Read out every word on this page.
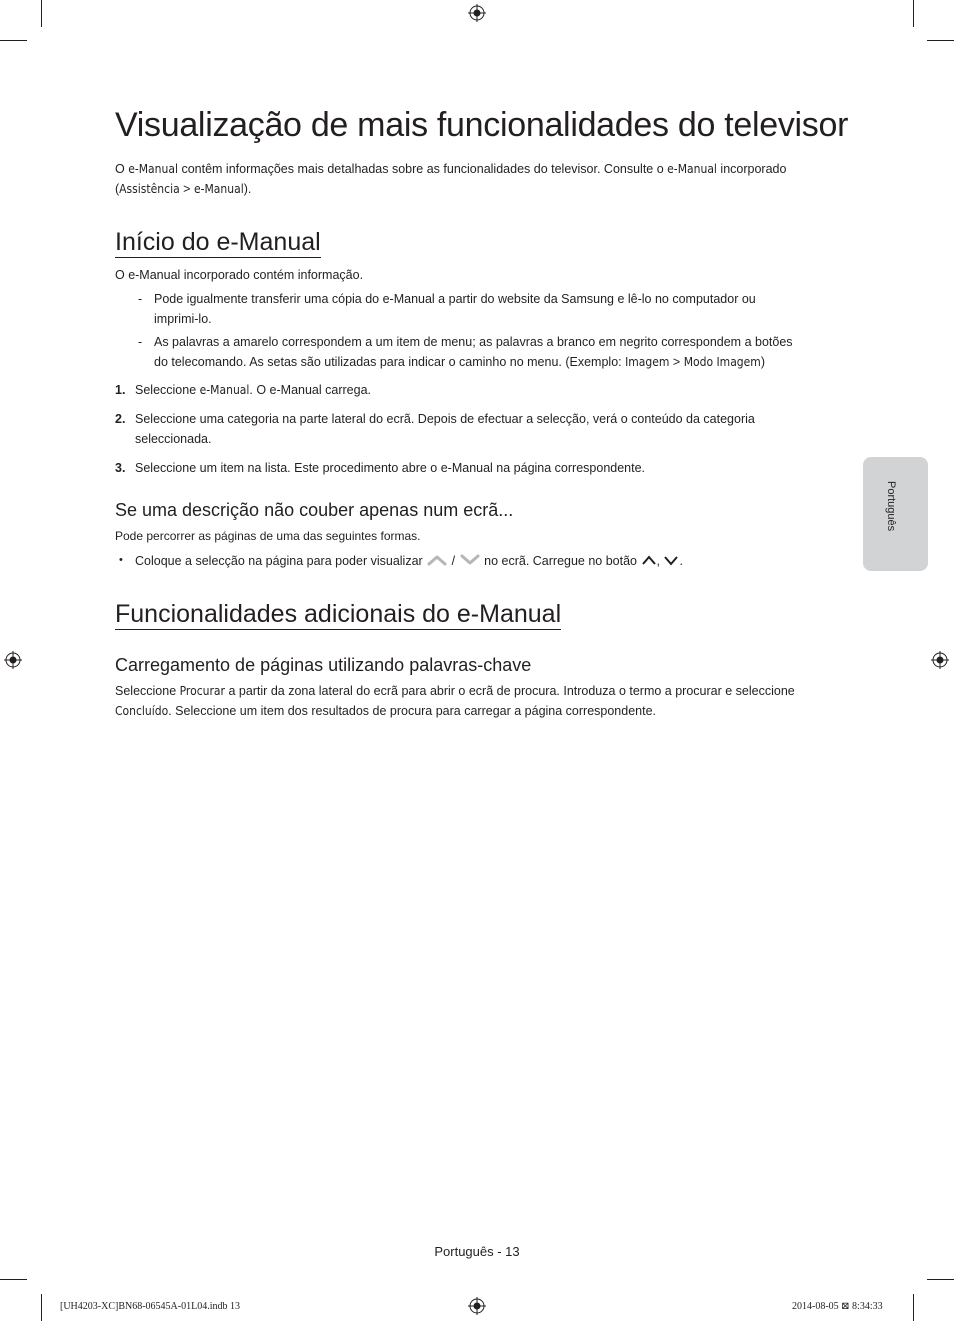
Visualização de mais funcionalidades do televisor
O e-Manual contêm informações mais detalhadas sobre as funcionalidades do televisor. Consulte o e-Manual incorporado
(Assistência > e-Manual).
Início do e-Manual
O e-Manual incorporado contém informação.
- Pode igualmente transferir uma cópia do e-Manual a partir do website da Samsung e lê-lo no computador ou
imprimi-lo.
- As palavras a amarelo correspondem a um item de menu; as palavras a branco em negrito correspondem a botões
do telecomando. As setas são utilizadas para indicar o caminho no menu. (Exemplo: Imagem > Modo Imagem)
1. Seleccione e-Manual. O e-Manual carrega.
2. Seleccione uma categoria na parte lateral do ecrã. Depois de efectuar a selecção, verá o conteúdo da categoria
seleccionada.
3. Seleccione um item na lista. Este procedimento abre o e-Manual na página correspondente.
Se uma descrição não couber apenas num ecrã...
Pode percorrer as páginas de uma das seguintes formas.
• Coloque a selecção na página para poder visualizar / no ecrã. Carregue no botão , .
Funcionalidades adicionais do e-Manual
Carregamento de páginas utilizando palavras-chave
Seleccione Procurar a partir da zona lateral do ecrã para abrir o ecrã de procura. Introduza o termo a procurar e seleccione
Concluído. Seleccione um item dos resultados de procura para carregar a página correspondente.
Português
Português - 13
[UH4203-XC]BN68-06545A-01L04.indb 13	2014-08-05 ⊠ 8:34:33
